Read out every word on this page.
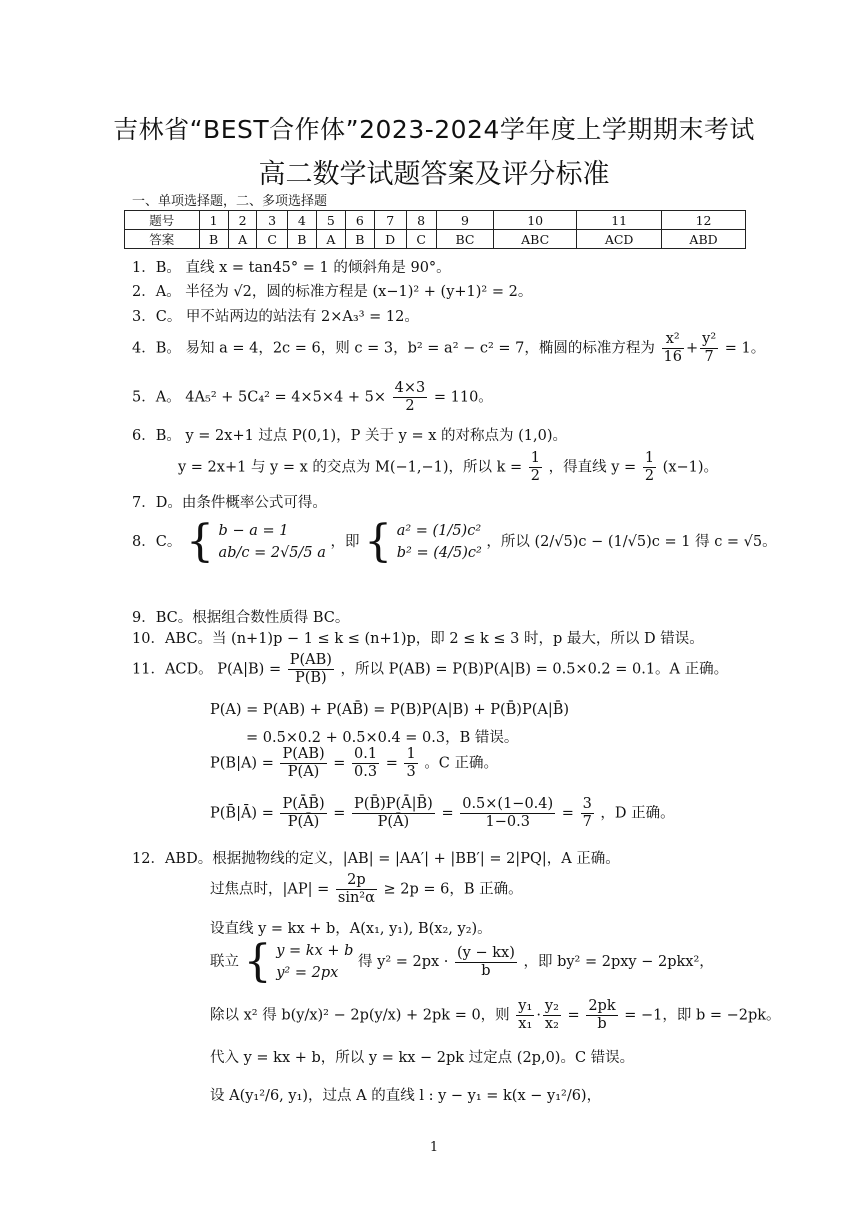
吉林省“BEST合作体”2023-2024学年度上学期期末考试
高二数学试题答案及评分标准
一、单项选择题，二、多项选择题
题号	1	2	3	4	5	6	7	8	9	10	11	12
答案	B	A	C	B	A	B	D	C	BC	ABC	ACD	ABD
1．B。 直线 x = tan45° = 1 的倾斜角是 90°。
2．A。 半径为 √2，圆的标准方程是 (x−1)² + (y+1)² = 2。
3．C。 甲不站两边的站法有 2×A₃³ = 12。
4．B。 易知 a = 4，2c = 6，则 c = 3，b² = a² − c² = 7，椭圆的标准方程为 $\frac{\text{x²}}{16} + \frac{\text{y²}}{7} = 1$。
5．A。 $4A_5^2 + 5C_4^2 = 4\times 5\times 4 + 5\times \frac{4\times 3}{2} = 110$。
6．B。 y = 2x+1 过点 P(0,1)，P 关于 y = x 的对称点为 (1,0)。
y = 2x+1 与 y = x 的交点为 M(−1,−1)，所以 $k = \frac{1}{2}$ ，得直线 $y = \frac{1}{2} (x-1)$。
7．D。由条件概率公式可得。
8．C。 { b − a = 1
ab/c = 2√5/5 a
，即 { a² = (1/5)c²
b² = (4/5)c²
，所以 (2/√5)c − (1/√5)c = 1 得 c = √5。
9．BC。根据组合数性质得 BC。
10．ABC。当 (n+1)p − 1 ≤ k ≤ (n+1)p，即 2 ≤ k ≤ 3 时，p 最大，所以 D 错误。
11．ACD。 $P(A|B) = \frac{P(AB)}{P(B)}$ ，所以 P(AB) = P(B)P(A|B) = 0.5×0.2 = 0.1。A 正确。
P(A) = P(AB) + P(AB̄) = P(B)P(A|B) + P(B̄)P(A|B̄)
= 0.5×0.2 + 0.5×0.4 = 0.3，B 错误。
$P(B|A) = \frac{P(AB)}{P(A)} = \frac{0.1}{0.3} = \frac{1}{3}$ 。C 正确。
P(B̄|Ā) = $\frac{P(ĀB̄)}{P(Ā)} = \frac{P(B̄)P(Ā|B̄)}{P(Ā)} = \frac{0.5\times(1-0.4)}{1-0.3} = \frac{3}{7}$ ，D 正确。
12．ABD。根据抛物线的定义，|AB| = |AA′| + |BB′| = 2|PQ|，A 正确。
过焦点时，$|AP| = \frac{2p}{\text{sin²α}} \ge 2p = 6$，B 正确。
设直线 y = kx + b，A(x₁, y₁), B(x₂, y₂)。
联立 { y = kx + b
y² = 2px
得 $y^2 = 2px \cdot \frac{(y - kx)}{b}$ ，即 by² = 2pxy − 2pkx²，
除以 x² 得 b(y/x)² − 2p(y/x) + 2pk = 0，则 $\frac{\text{y₁}}{\text{x₁}} \cdot \frac{\text{y₂}}{\text{x₂}} = \frac{2pk}{b} = -1$，即 b = −2pk。
代入 y = kx + b，所以 y = kx − 2pk 过定点 (2p,0)。C 错误。
设 A(y₁²/6, y₁)，过点 A 的直线 l : y − y₁ = k(x − y₁²/6)，
1
